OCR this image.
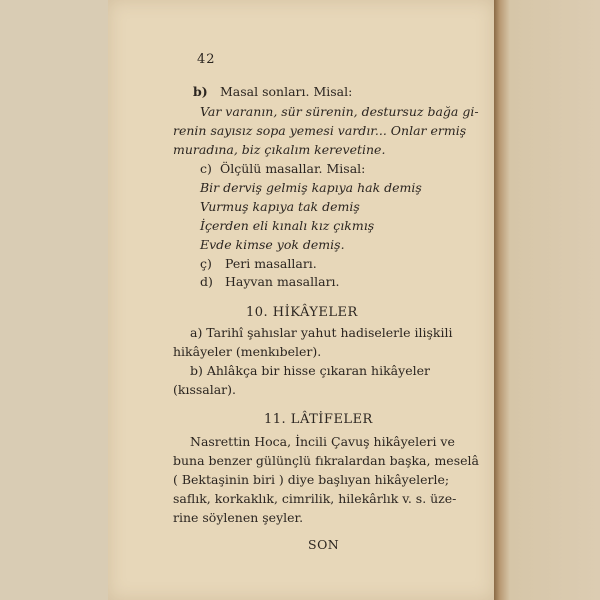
42
b) Masal sonları. Misal:
Var varanın, sür sürenin, destursuz bağa gi-
renin sayısız sopa yemesi vardır... Onlar ermiş
muradına, biz çıkalım kerevetine.
c) Ölçülü masallar. Misal:
Bir derviş gelmiş kapıya hak demiş
Vurmuş kapıya tak demiş
İçerden eli kınalı kız çıkmış
Evde kimse yok demiş.
ç) Peri masalları.
d) Hayvan masalları.
10. HİKÂYELER
a) Tarihî şahıslar yahut hadiselerle ilişkili
hikâyeler (menkıbeler).
b) Ahlâkça bir hisse çıkaran hikâyeler
(kıssalar).
11. LÂTİFELER
Nasrettin Hoca, İncili Çavuş hikâyeleri ve
buna benzer gülünçlü fıkralardan başka, meselâ
( Bektaşinin biri ) diye başlıyan hikâyelerle;
saflık, korkaklık, cimrilik, hilekârlık v. s. üze-
rine söylenen şeyler.
SON
